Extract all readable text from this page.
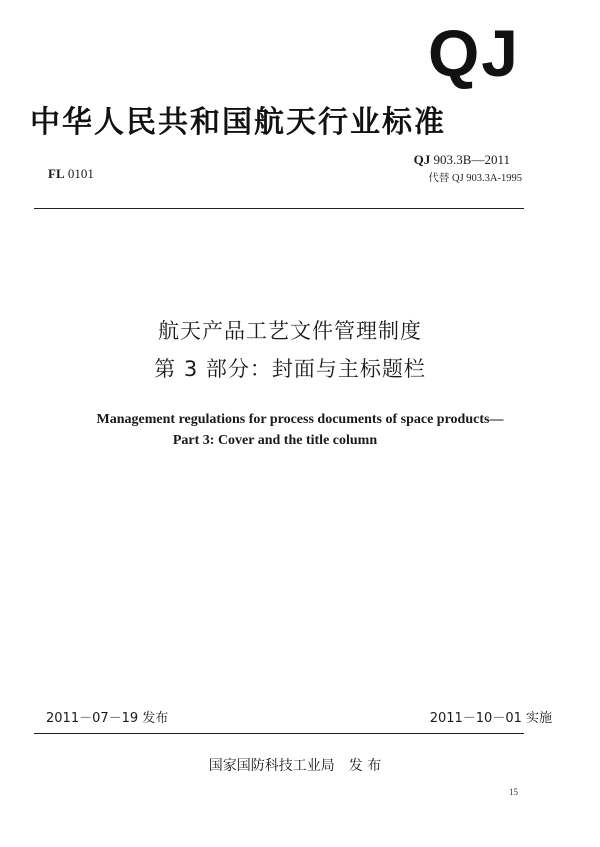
QJ
中华人民共和国航天行业标准
FL 0101
QJ 903.3B—2011
代替 QJ 903.3A-1995
航天产品工艺文件管理制度
第 3 部分：封面与主标题栏
Management regulations for process documents of space products—
Part 3: Cover and the title column
2011－07－19 发布	2011－10－01 实施
国家国防科技工业局　发 布
15
